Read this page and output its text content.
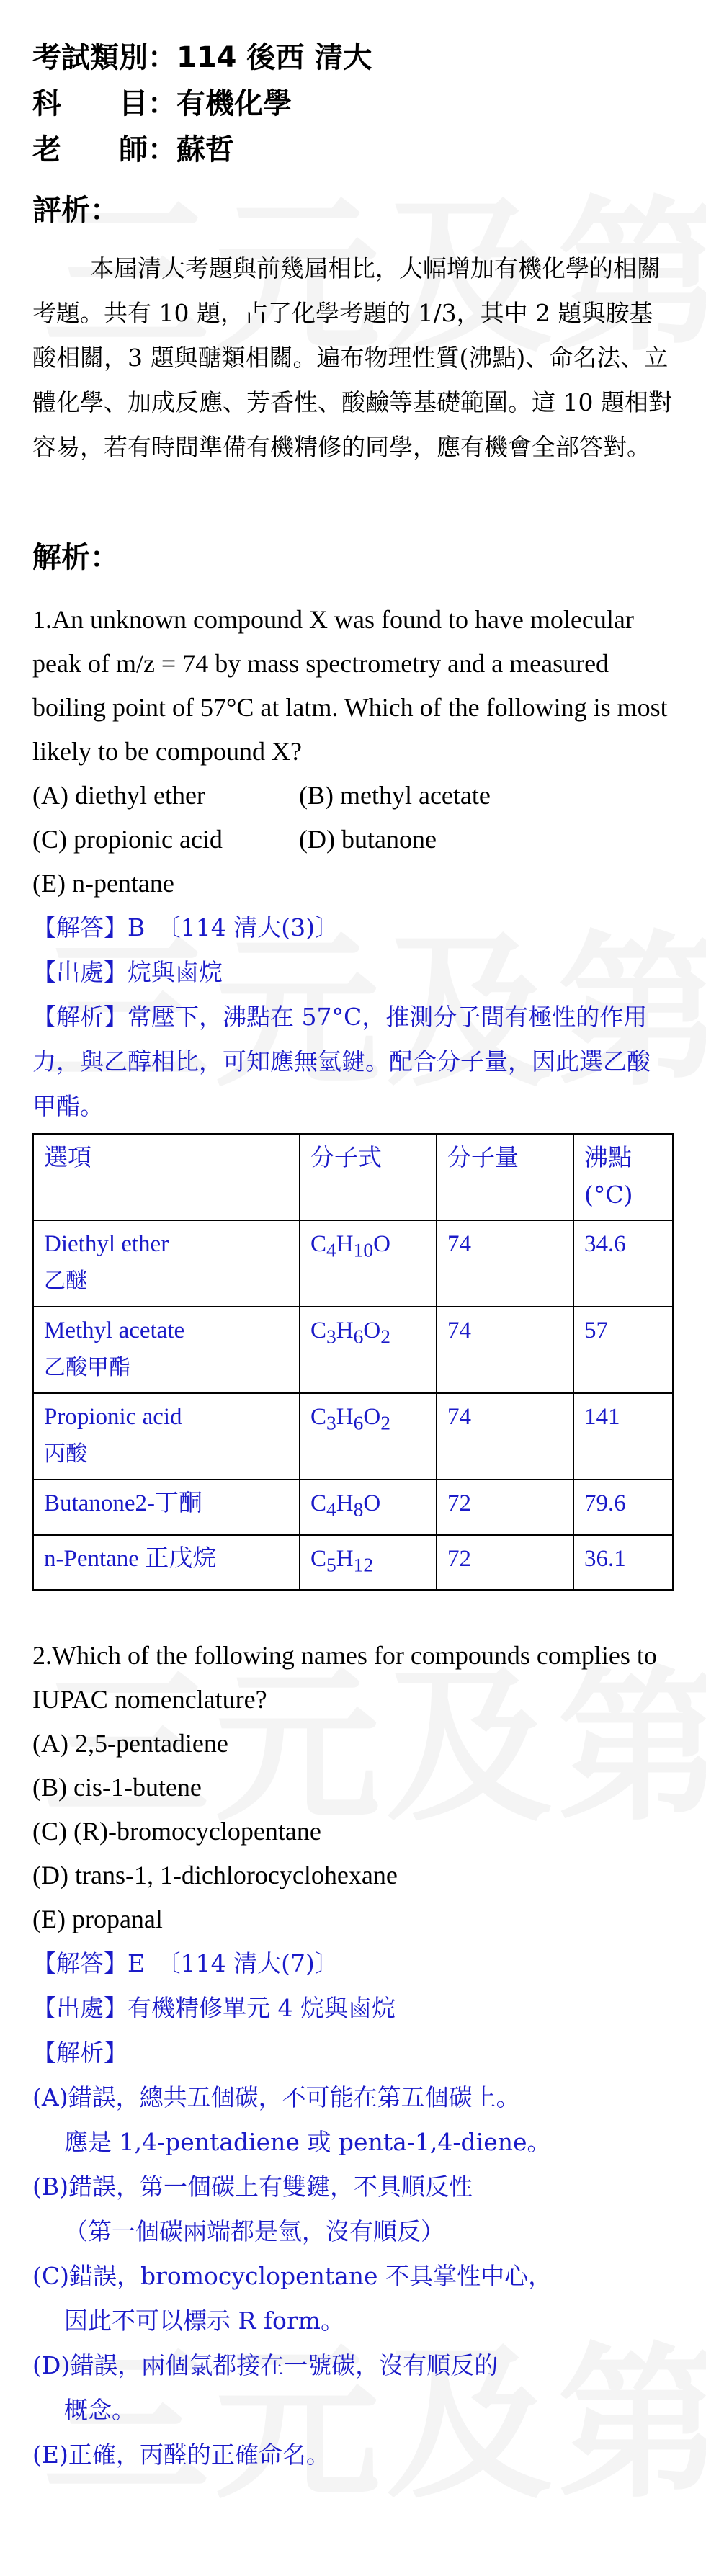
考試類別 ： 114 後西 清大
科　　目 ： 有機化學
老　　師 ： 蘇哲
評析：
本屆清大考題與前幾屆相比，大幅增加有機化學的相關考題。共有 10 題，占了化學考題的 1/3，其中 2 題與胺基酸相關，3 題與醣類相關。遍布物理性質(沸點)、命名法、立體化學、加成反應、芳香性、酸鹼等基礎範圍。這 10 題相對容易，若有時間準備有機精修的同學，應有機會全部答對。
解析：
1.An unknown compound X was found to have molecular peak of m/z = 74 by mass spectrometry and a measured boiling point of 57°C at latm. Which of the following is most likely to be compound X?
(A) diethyl ether	(B) methyl acetate
(C) propionic acid	(D) butanone
(E) n-pentane
【解答】B　〔114 清大(3)〕
【出處】烷與鹵烷
【解析】常壓下，沸點在 57°C，推測分子間有極性的作用力，與乙醇相比，可知應無氫鍵。配合分子量，因此選乙酸甲酯。
選項	分子式	分子量	沸點(°C)

Diethyl ether
乙醚	$C_4H_{10}O$	74	34.6

Methyl acetate
乙酸甲酯	$C_3H_6O_2$	74	57

Propionic acid
丙酸	$C_3H_6O_2$	74	141
Butanone2-丁酮	$C_4H_8O$	72	79.6
n-Pentane 正戊烷	$C_5H_{12}$	72	36.1
2.Which of the following names for compounds complies to IUPAC nomenclature?
(A) 2,5-pentadiene
(B) cis-1-butene
(C) (R)-bromocyclopentane
(D) trans-1, 1-dichlorocyclohexane
(E) propanal
【解答】E　〔114 清大(7)〕
【出處】有機精修單元 4 烷與鹵烷
【解析】
(A)錯誤，總共五個碳，不可能在第五個碳上。
應是 1,4-pentadiene 或 penta-1,4-diene。
(B)錯誤，第一個碳上有雙鍵，不具順反性
（第一個碳兩端都是氫，沒有順反）
(C)錯誤，bromocyclopentane 不具掌性中心，
因此不可以標示 R form。
(D)錯誤，兩個氯都接在一號碳，沒有順反的
概念。
(E)正確，丙醛的正確命名。
